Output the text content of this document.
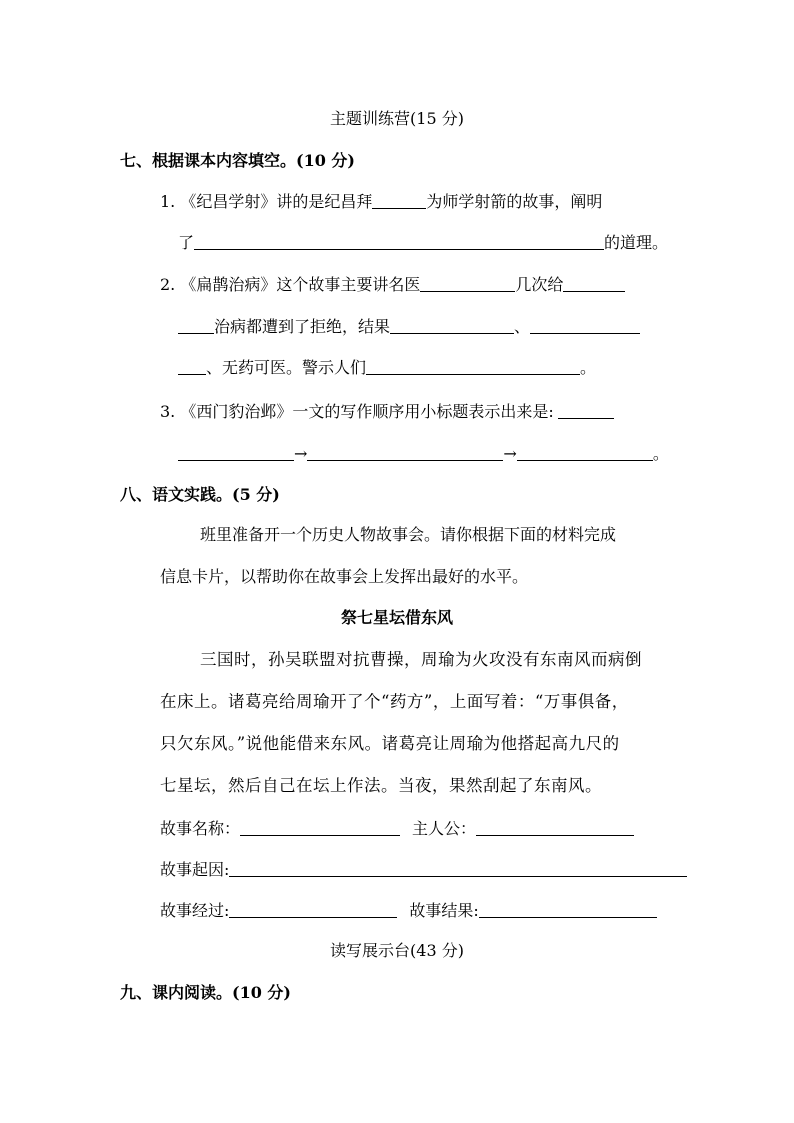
主题训练营(15 分)
七、根据课本内容填空。(10 分)
1. 《纪昌学射》讲的是纪昌拜	为师学射箭的故事，阐明
了	的道理。
2. 《扁鹊治病》这个故事主要讲名医	几次给
治病都遭到了拒绝，结果	、
、无药可医。警示人们	。
3. 《西门豹治邺》一文的写作顺序用小标题表示出来是:
→	→	。
八、语文实践。(5 分)
班里准备开一个历史人物故事会。请你根据下面的材料完成
信息卡片，以帮助你在故事会上发挥出最好的水平。
祭七星坛借东风
三国时，孙吴联盟对抗曹操，周瑜为火攻没有东南风而病倒
在床上。诸葛亮给周瑜开了个“药方”，上面写着：“万事俱备，
只欠东风。”说他能借来东风。诸葛亮让周瑜为他搭起高九尺的
七星坛，然后自己在坛上作法。当夜，果然刮起了东南风。
故事名称：	主人公：
故事起因:
故事经过:	故事结果:
读写展示台(43 分)
九、课内阅读。(10 分)
